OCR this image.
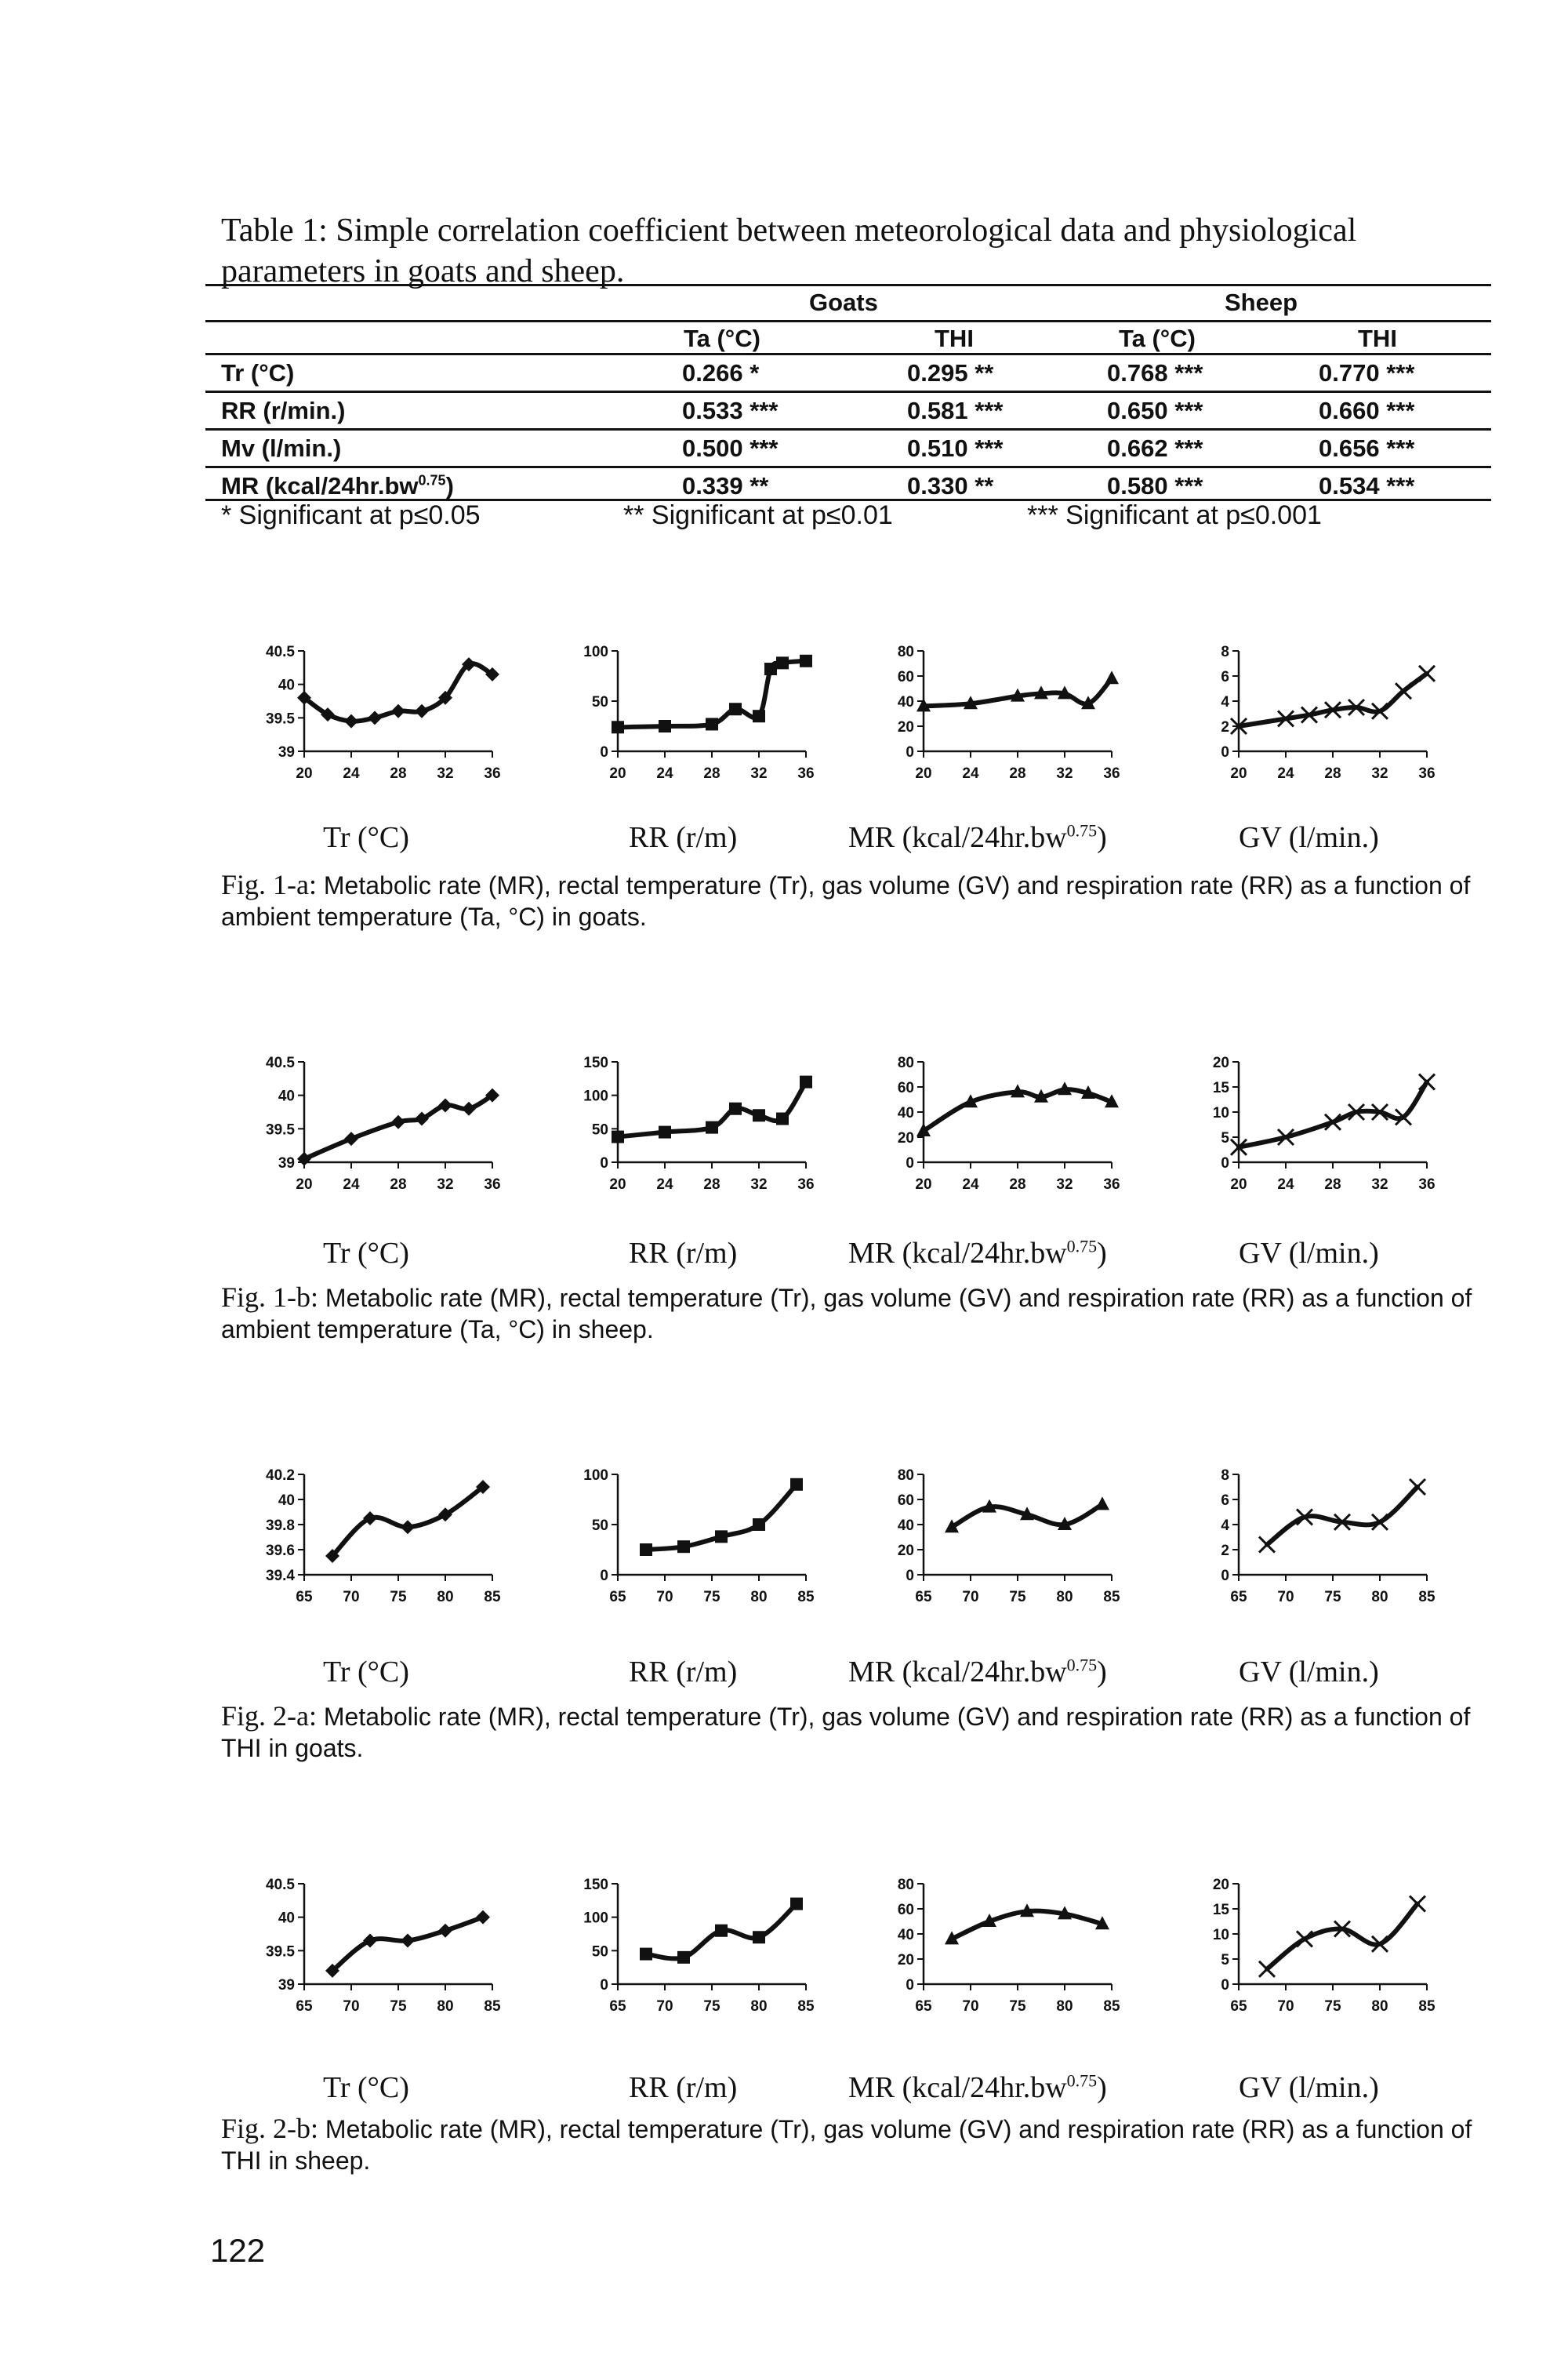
Table 1: Simple correlation coefficient between meteorological data and physiological parameters in goats and sheep.
Goats	Sheep
Ta (°C)	THI	Ta (°C)	THI
Tr (°C)	0.266 *	0.295 **	0.768 ***	0.770 ***
RR (r/min.)	0.533 ***	0.581 ***	0.650 ***	0.660 ***
Mv (l/min.)	0.500 ***	0.510 ***	0.662 ***	0.656 ***
MR $(kcal/24hr.bw^{0.75})$	0.339 **	0.330 **	0.580 ***	0.534 ***
* Significant at p≤0.05	** Significant at p≤0.01	*** Significant at p≤0.001
39
39.5
40
40.5
20 24 28 32 36
0
50
100
20 24 28 32 36
0
20
40
60
80
20 24 28 32 36
0
2
4
6
8
20 24 28 32 36
Tr (°C)	RR (r/m)	MR $(kcal/24hr.bw^{0.75})$	GV (l/min.)
Fig. 1-a: Metabolic rate (MR), rectal temperature (Tr), gas volume (GV) and respiration rate (RR) as a function of ambient temperature (Ta, °C) in goats.
39
39.5
40
40.5
20 24 28 32 36
0
50
100
150
20 24 28 32 36
0
20
40
60
80
20 24 28 32 36
0
5
10
15
20
20 24 28 32 36
Tr (°C)	RR (r/m)	MR $(kcal/24hr.bw^{0.75})$	GV (l/min.)
Fig. 1-b: Metabolic rate (MR), rectal temperature (Tr), gas volume (GV) and respiration rate (RR) as a function of ambient temperature (Ta, °C) in sheep.
39.4
39.6
39.8
40
40.2
65 70 75 80 85
0
50
100
65 70 75 80 85
0
20
40
60
80
65 70 75 80 85
0
2
4
6
8
65 70 75 80 85
Tr (°C)	RR (r/m)	MR $(kcal/24hr.bw^{0.75})$	GV (l/min.)
Fig. 2-a: Metabolic rate (MR), rectal temperature (Tr), gas volume (GV) and respiration rate (RR) as a function of THI in goats.
39
39.5
40
40.5
65 70 75 80 85
0
50
100
150
65 70 75 80 85
0
20
40
60
80
65 70 75 80 85
0
5
10
15
20
65 70 75 80 85
Tr (°C)	RR (r/m)	MR $(kcal/24hr.bw^{0.75})$	GV (l/min.)
Fig. 2-b: Metabolic rate (MR), rectal temperature (Tr), gas volume (GV) and respiration rate (RR) as a function of THI in sheep.
122
